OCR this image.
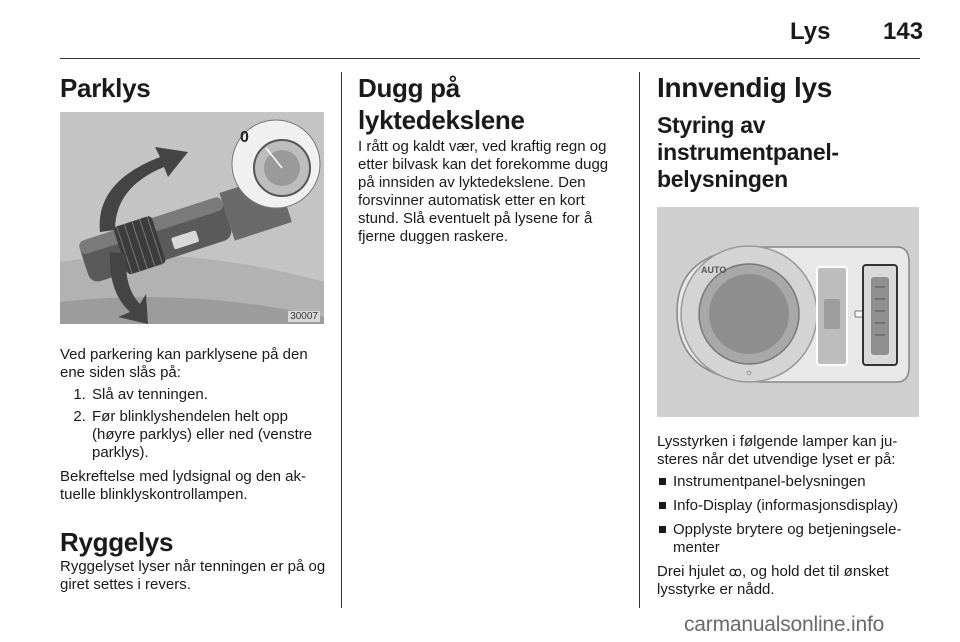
Lys 143
Parklys
0
30007

Ved parkering kan parklysene på den ene siden slås på:

1. Slå av tenningen.
2. Før blinklyshendelen helt opp (høyre parklys) eller ned (venstre parklys).

Bekreftelse med lydsignal og den ak-tuelle blinklyskontrollampen.

Ryggelys

Ryggelyset lyser når tenningen er på og giret settes i revers.

Dugg på lyktedekslene

I rått og kaldt vær, ved kraftig regn og etter bilvask kan det forekomme dugg på innsiden av lyktedekslene. Den forsvinner automatisk etter en kort stund. Slå eventuelt på lysene for å fjerne duggen raskere.

Innvendig lys
Styring av instrumentpanel-belysningen
AUTO
☼

Lysstyrken i følgende lamper kan ju-steres når det utvendige lyset er på:

Instrumentpanel-belysningen
Info-Display (informasjonsdisplay)
Opplyste brytere og betjeningsele-menter

Drei hjulet ꝏ, og hold det til ønsket lysstyrke er nådd.

carmanualsonline.info
